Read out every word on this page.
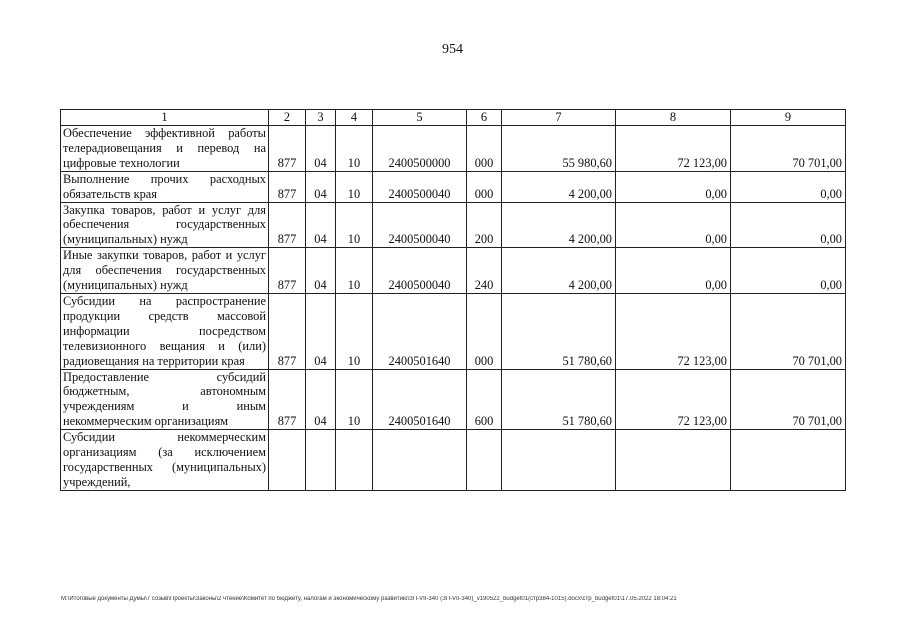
954
1	2	3	4	5	6	7	8	9
Обеспечение эффективной работы телерадиовещания и перевод на цифровые технологии	877	04	10	2400500000	000	55 980,60	72 123,00	70 701,00
Выполнение прочих расходных обязательств края	877	04	10	2400500040	000	4 200,00	0,00	0,00
Закупка товаров, работ и услуг для обеспечения государственных (муниципальных) нужд	877	04	10	2400500040	200	4 200,00	0,00	0,00
Иные закупки товаров, работ и услуг для обеспечения государственных (муниципальных) нужд	877	04	10	2400500040	240	4 200,00	0,00	0,00
Субсидии на распространение продукции средств массовой информации посредством телевизионного вещания и (или) радиовещания на территории края	877	04	10	2400501640	000	51 780,60	72 123,00	70 701,00
Предоставление субсидий бюджетным, автономным учреждениям и иным некоммерческим организациям	877	04	10	2400501640	600	51 780,60	72 123,00	70 701,00
Субсидии некоммерческим организациям (за исключением государственных (муниципальных) учреждений,								
M:\Итоговые документы Думы\7 созыв\Проекты\Законы\2 чтение\Комитет по бюджету, налогам и экономическому развитию\ЗП-VII-340 (ЗП-VII-340)_v190522_budget01(стр384-1015).docx\стр_budget01\17.05.2022 18:04:21
